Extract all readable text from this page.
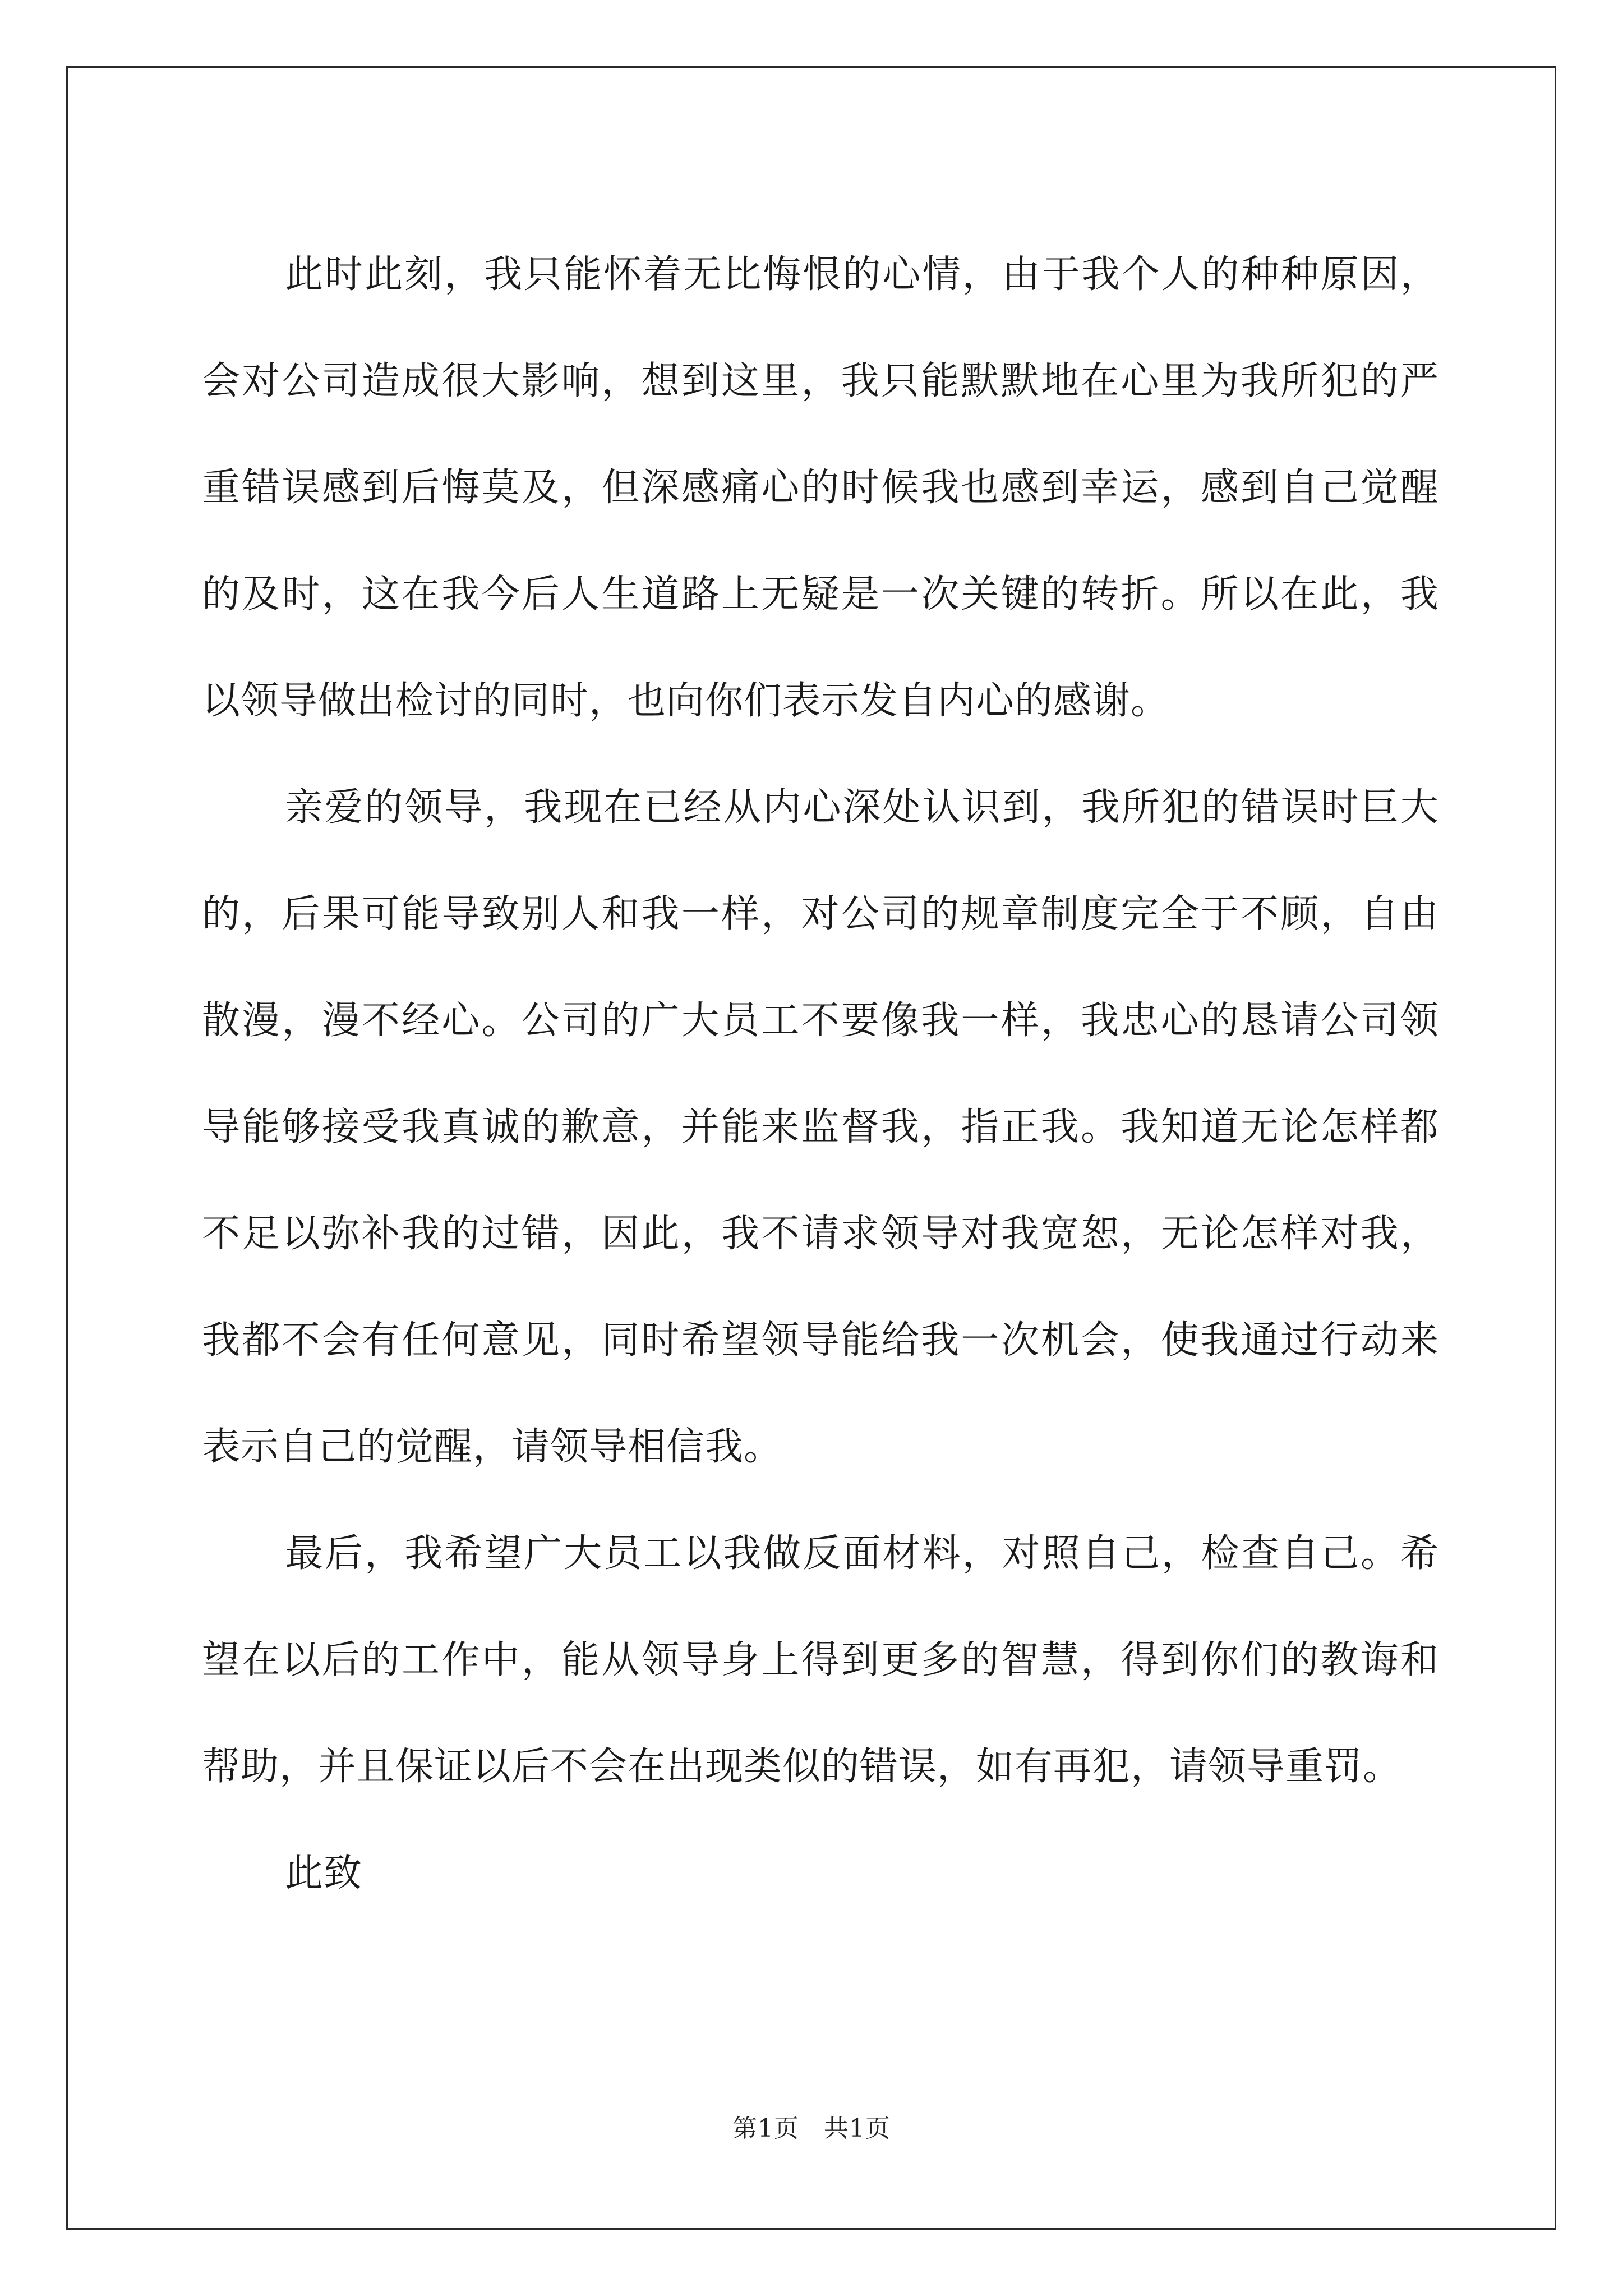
此时此刻，我只能怀着无比悔恨的心情，由于我个人的种种原因，会对公司造成很大影响，想到这里，我只能默默地在心里为我所犯的严重错误感到后悔莫及，但深感痛心的时候我也感到幸运，感到自己觉醒的及时，这在我今后人生道路上无疑是一次关键的转折。所以在此，我以领导做出检讨的同时，也向你们表示发自内心的感谢。

亲爱的领导，我现在已经从内心深处认识到，我所犯的错误时巨大的，后果可能导致别人和我一样，对公司的规章制度完全于不顾，自由散漫，漫不经心。公司的广大员工不要像我一样，我忠心的恳请公司领导能够接受我真诚的歉意，并能来监督我，指正我。我知道无论怎样都不足以弥补我的过错，因此，我不请求领导对我宽恕，无论怎样对我，我都不会有任何意见，同时希望领导能给我一次机会，使我通过行动来表示自己的觉醒，请领导相信我。

最后，我希望广大员工以我做反面材料，对照自己，检查自己。希望在以后的工作中，能从领导身上得到更多的智慧，得到你们的教诲和帮助，并且保证以后不会在出现类似的错误，如有再犯，请领导重罚。

此致

第1页 共1页
